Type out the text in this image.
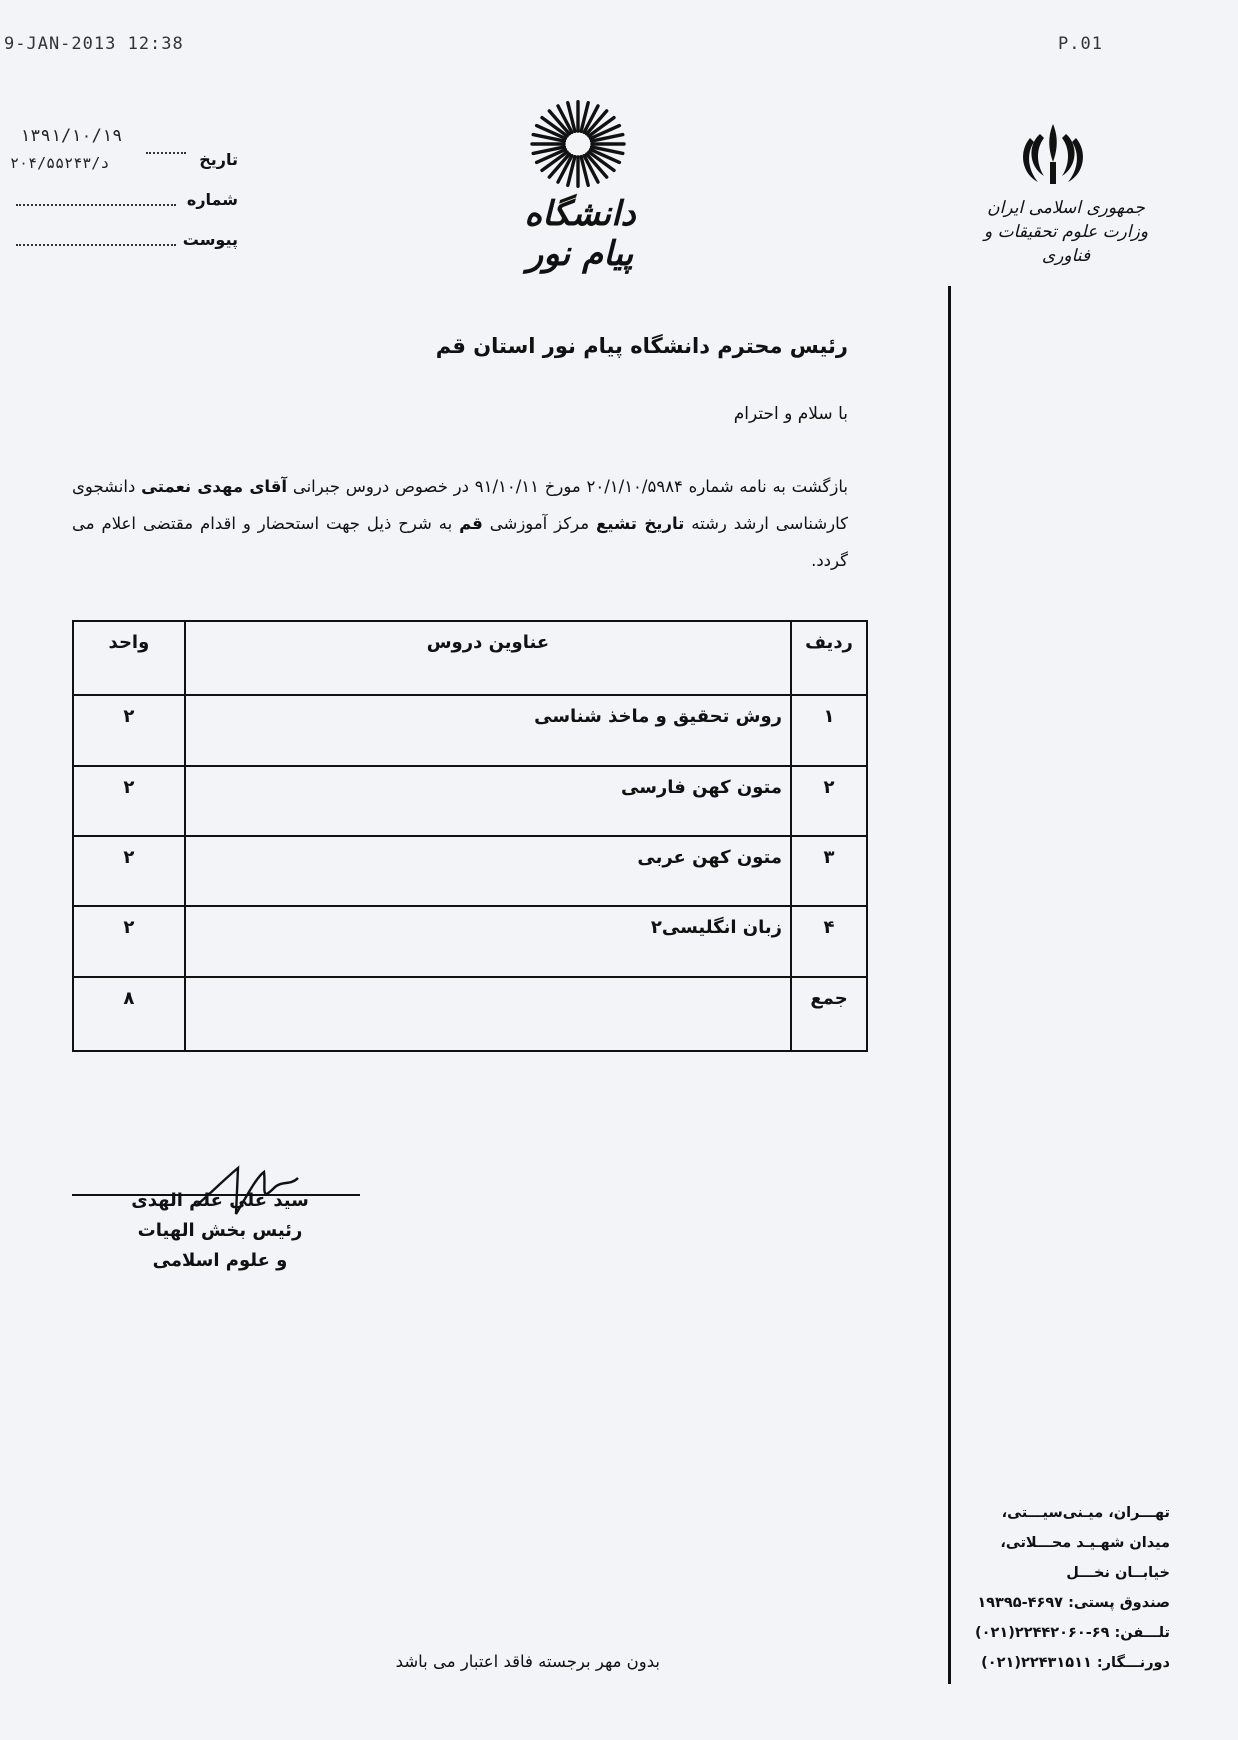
9-JAN-2013 12:38	P.01
۱۳۹۱/۱۰/۱۹
تاریخ
۲۰۴/۵۵۲۴۳/د
شماره
پیوست
دانشگاه پیام نور
جمهوری اسلامی ایران
وزارت علوم تحقیقات و فناوری
رئیس محترم دانشگاه پیام نور استان قم
با سلام و احترام
بازگشت به نامه شماره ۲۰/۱/۱۰/۵۹۸۴ مورخ ۹۱/۱۰/۱۱ در خصوص دروس جبرانی آقای مهدی نعمتی دانشجوی کارشناسی ارشد رشته تاریخ تشیع مرکز آموزشی قم به شرح ذیل جهت استحضار و اقدام مقتضی اعلام می گردد.
ردیف	عناوین دروس	واحد
۱	روش تحقیق و ماخذ شناسی	۲
۲	متون کهن فارسی	۲
۳	متون کهن عربی	۲
۴	زبان انگلیسی۲	۲
جمع		۸
سید علی علم الهدی
رئیس بخش الهیات
و علوم اسلامی
تهـــران، میـنی‌سیـــتی،
میدان شهـیـد محـــلاتی،
خیابــان نخـــل
صندوق پستی: ۴۶۹۷-۱۹۳۹۵
تلـــفن: ۶۹-۲۲۴۴۲۰۶۰(۰۲۱)
دورنـــگار: ۲۲۴۳۱۵۱۱(۰۲۱)
بدون مهر برجسته فاقد اعتبار می باشد
